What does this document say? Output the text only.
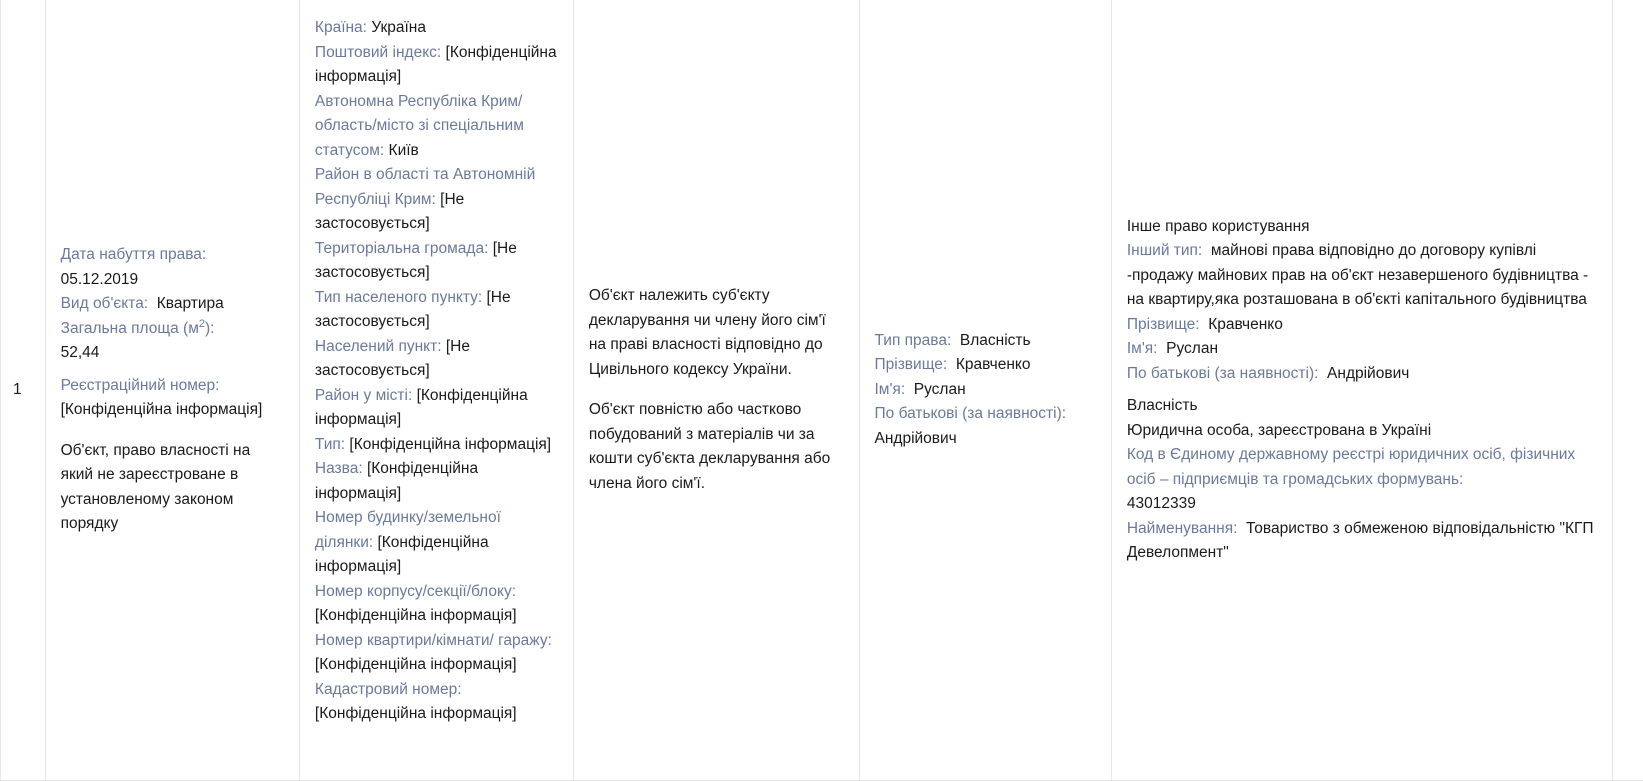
1
Дата набуття права:
05.12.2019
Вид об'єкта: Квартира
Загальна площа $(м^2)$:
52,44
Реєстраційний номер:
[Конфіденційна інформація]

Об'єкт, право власності на який не зареєстроване в установленому законом порядку

Країна: Україна
Поштовий індекс: [Конфіденційна інформація]
Автономна Республіка Крим/ область/місто зі спеціальним статусом: Київ
Район в області та Автономній Республіці Крим: [Не застосовується]
Територіальна громада: [Не застосовується]
Тип населеного пункту: [Не застосовується]
Населений пункт: [Не застосовується]
Район у місті: [Конфіденційна інформація]
Тип: [Конфіденційна інформація]
Назва: [Конфіденційна інформація]
Номер будинку/земельної ділянки: [Конфіденційна інформація]
Номер корпусу/секції/блоку: [Конфіденційна інформація]
Номер квартири/кімнати/ гаражу: [Конфіденційна інформація]
Кадастровий номер: [Конфіденційна інформація]

Об'єкт належить суб'єкту декларування чи члену його сім'ї на праві власності відповідно до Цивільного кодексу України.

Об'єкт повністю або частково побудований з матеріалів чи за кошти суб'єкта декларування або члена його сім'ї.

Тип права: Власність
Прізвище: Кравченко
Ім'я: Руслан
По батькові (за наявності):
Андрійович
Інше право користування
Інший тип: майнові права відповідно до договору купівлі -продажу майнових прав на об'єкт незавершеного будівництва - на квартиру,яка розташована в об'єкті капітального будівництва
Прізвище: Кравченко
Ім'я: Руслан
По батькові (за наявності): Андрійович
Власність
Юридична особа, зареєстрована в Україні
Код в Єдиному державному реєстрі юридичних осіб, фізичних осіб – підприємців та громадських формувань:
43012339
Найменування: Товариство з обмеженою відповідальністю "КГП Девелопмент"
